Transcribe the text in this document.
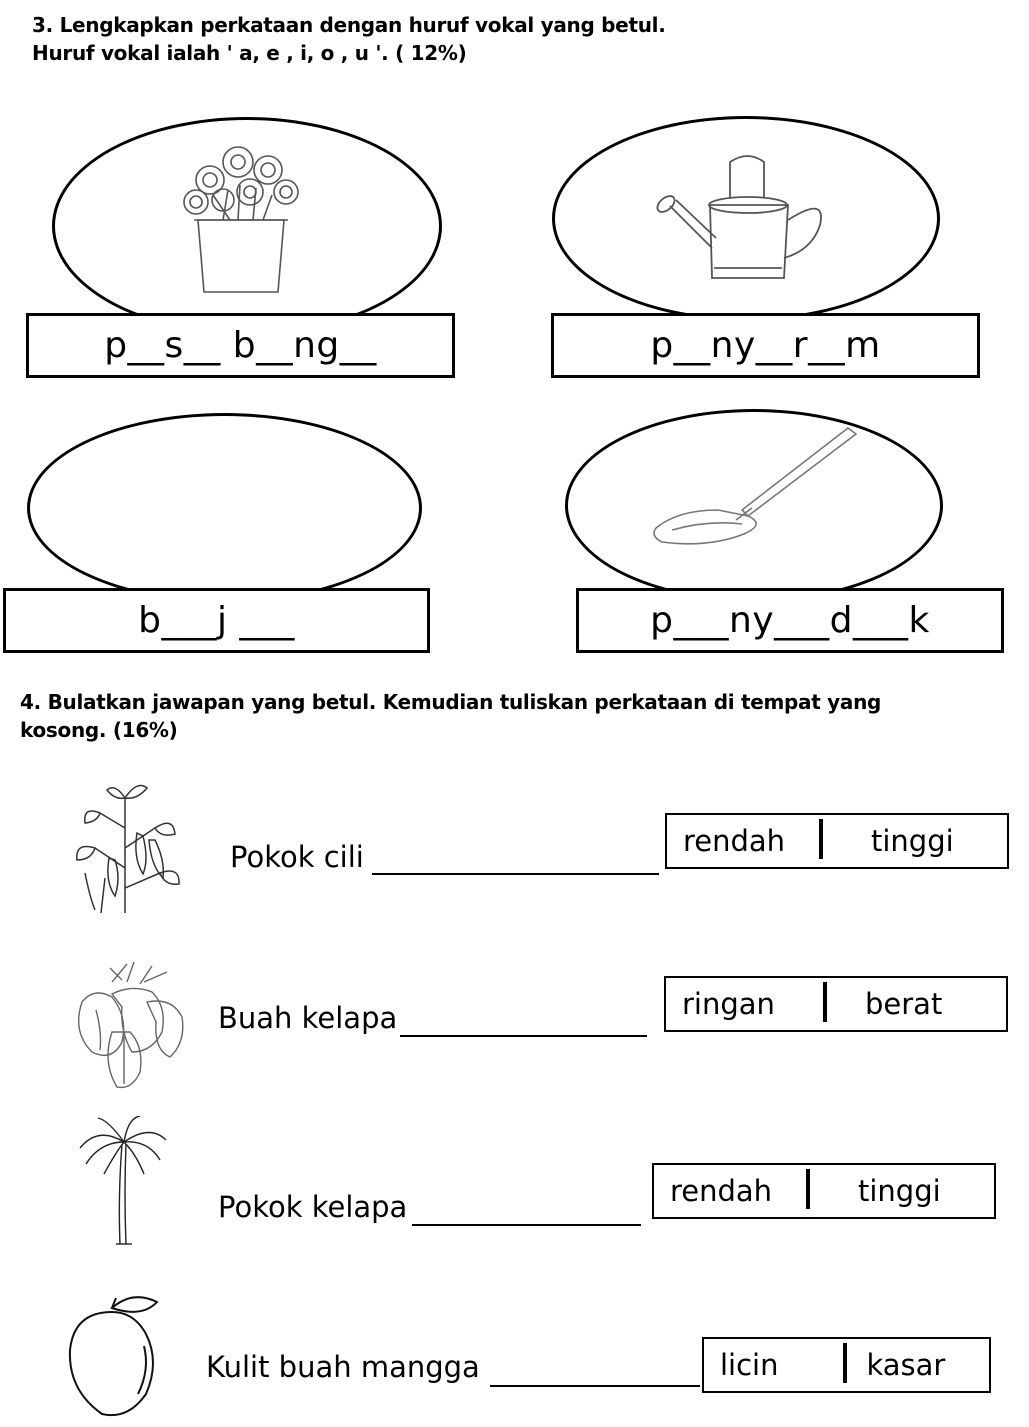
3. Lengkapkan perkataan dengan huruf vokal yang betul.
Huruf vokal ialah ' a, e , i, o , u '. ( 12%)
p__s__ b__ng__	p__ny__r__m
b___j ___	p___ny___d___k
4. Bulatkan jawapan yang betul. Kemudian tuliskan perkataan di tempat yang
kosong. (16%)
Pokok cili	rendah	tinggi
Buah kelapa	ringan	berat
Pokok kelapa	rendah	tinggi
Kulit buah mangga	licin	kasar
